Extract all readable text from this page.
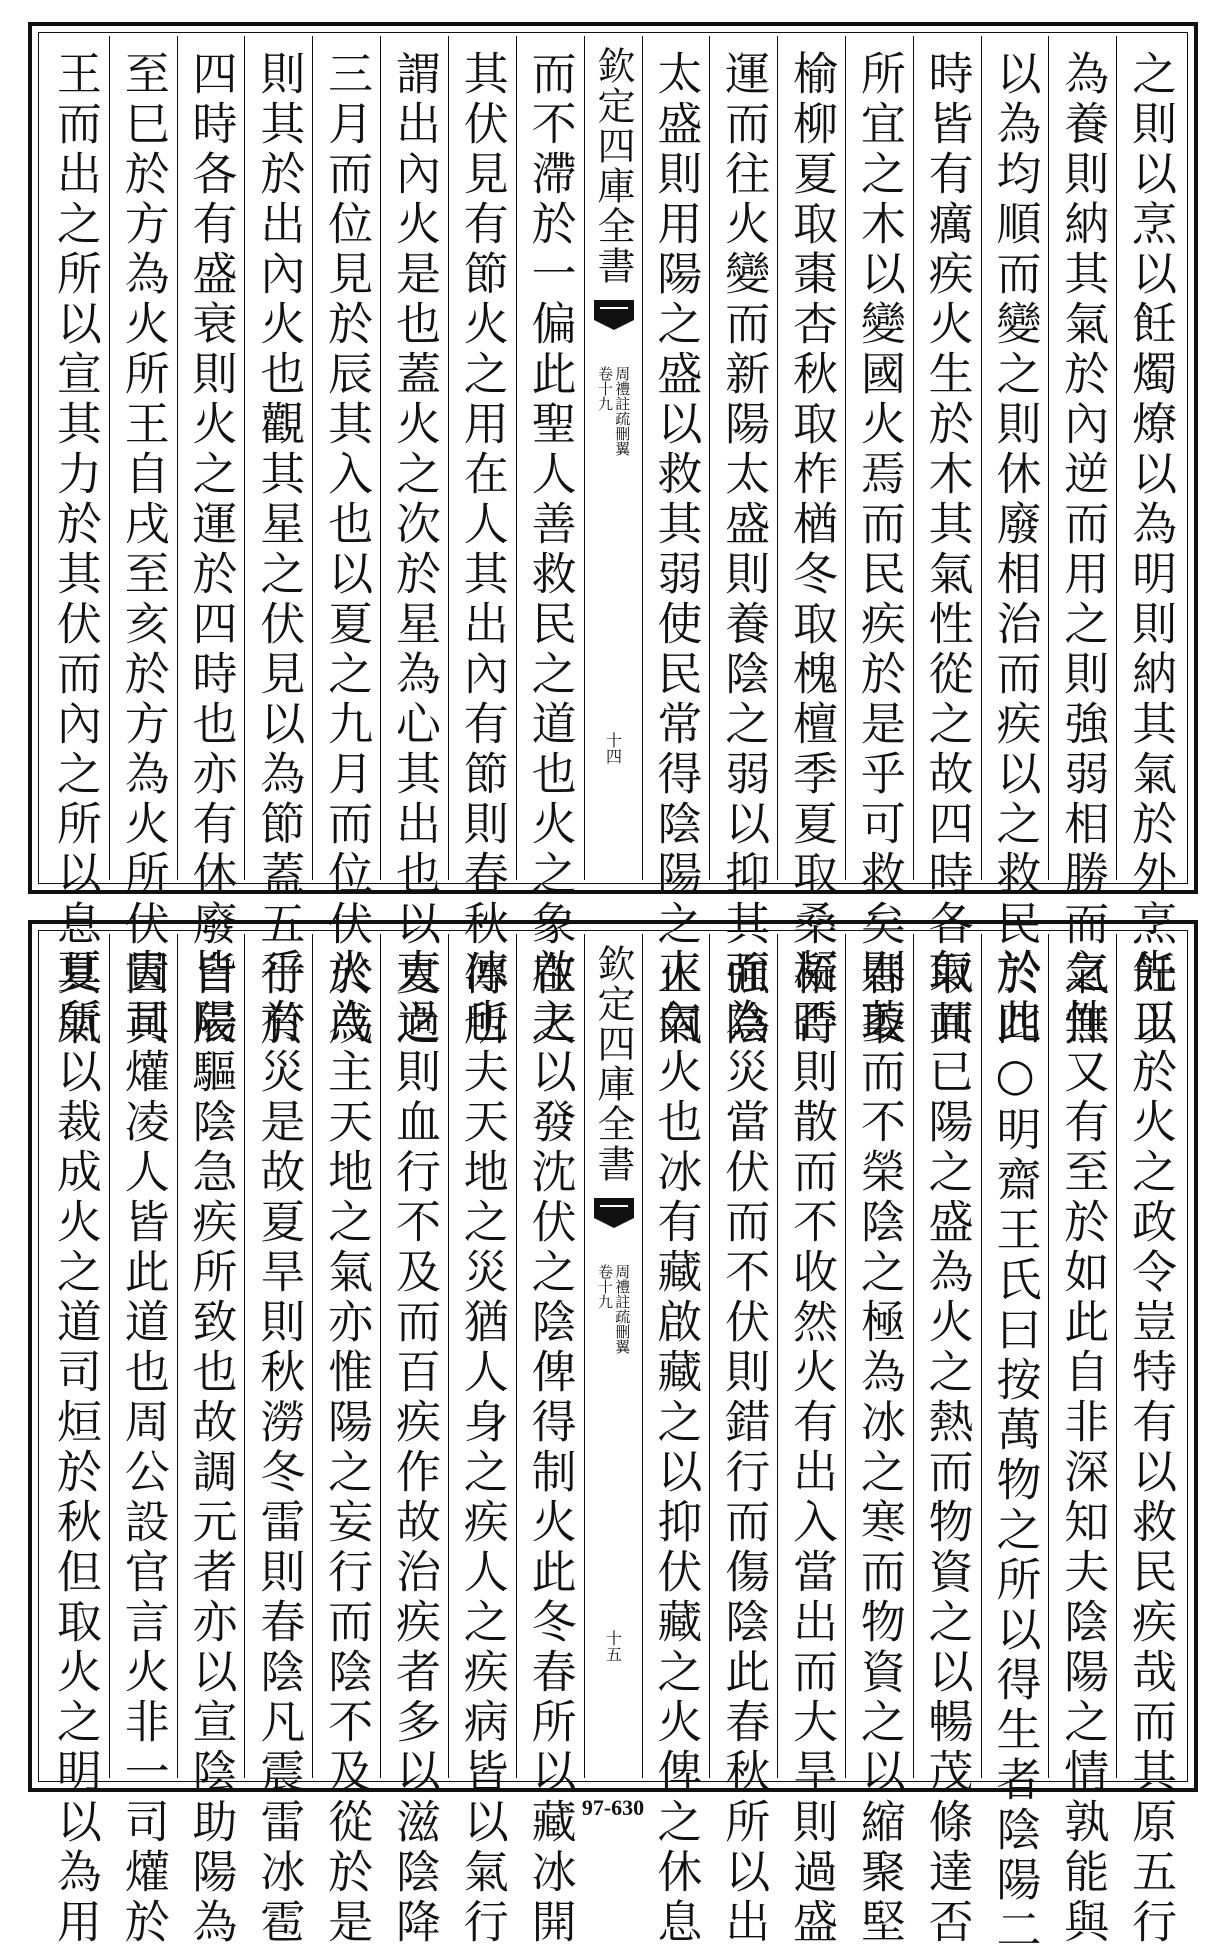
之則以烹以飪燭燎以為明則納其氣於外烹飪以
為養則納其氣於內逆而用之則強弱相勝而氣無
以為均順而變之則休廢相治而疾以之救民於四
時皆有癘疾火生於木其氣性從之故四時各取其
所宜之木以變國火焉而民疾於是乎可救矣春取
榆柳夏取棗杏秋取柞楢冬取槐檀季夏取桑柘時
運而往火變而新陽太盛則養陰之弱以抑其強陰
太盛則用陽之盛以救其弱使民常得陰陽之正氣
欽定四庫全書
周禮註疏刪翼
卷十九
十四
而不滯於一偏此聖人善救民之道也火之象在天
其伏見有節火之用在人其出內有節則春秋傳所
謂出內火是也蓋火之次於星為心其出也以夏之
三月而位見於辰其入也以夏之九月而位伏於戌
則其於出內火也觀其星之伏見以為節蓋五行於
四時各有盛衰則火之運於四時也亦有休廢自辰
至巳於方為火所王自戌至亥於方為火所伏因其
王而出之所以宣其力於其伏而內之所以息其氣
先王於火之政令豈特有以救民疾哉而其原五行
之性又有至於如此自非深知夫陰陽之情孰能與
於此○明齋王氏曰按萬物之所以得生者陰陽二
氣而已陽之盛為火之熱而物資之以暢茂條達否
則萎而不榮陰之極為冰之寒而物資之以縮聚堅
凝否則散而不收然火有出入當出而大旱則過盛
而為災當伏而不伏則錯行而傷陰此春秋所以出
火內火也冰有藏啟藏之以抑伏藏之火俾之休息
欽定四庫全書
周禮註疏刪翼
卷十九
十五
啟之以發沈伏之陰俾得制火此冬春所以藏冰開
冰也夫天地之災猶人身之疾人之疾病皆以氣行
大過則血行不及而百疾作故治疾者多以滋陰降
火為主天地之氣亦惟陽之妄行而陰不及從於是
乎有災是故夏旱則秋澇冬雷則春陰凡震雷冰雹
皆陽驅陰急疾所致也故調元者亦以宣陰助陽為
貴司爟凌人皆此道也周公設官言火非一司爟於
夏所以裁成火之道司烜於秋但取火之明以為用	97-630
